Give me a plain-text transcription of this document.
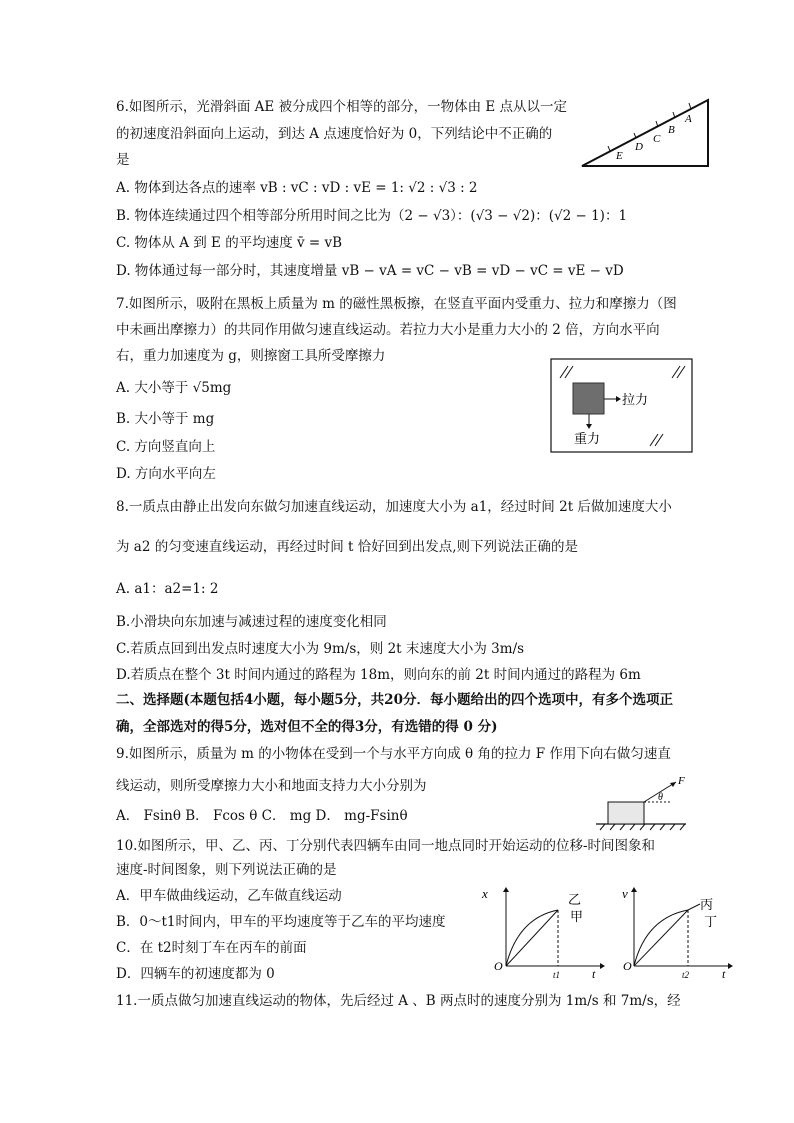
6.如图所示，光滑斜面 AE 被分成四个相等的部分，一物体由 E 点从以一定
的初速度沿斜面向上运动，到达 A 点速度恰好为 0，下列结论中不正确的
是
A. 物体到达各点的速率 vB : vC : vD : vE = 1: √2 : √3 : 2
B. 物体连续通过四个相等部分所用时间之比为（2 − √3）：(√3 − √2)：(√2 − 1)：1
C. 物体从 A 到 E 的平均速度 v̄ = vB
D. 物体通过每一部分时，其速度增量 vB − vA = vC − vB = vD − vC = vE − vD
E
D
C
B
A
7.如图所示，吸附在黑板上质量为 m 的磁性黑板擦，在竖直平面内受重力、拉力和摩擦力（图
中未画出摩擦力）的共同作用做匀速直线运动。若拉力大小是重力大小的 2 倍，方向水平向
右，重力加速度为 g，则擦窗工具所受摩擦力
A. 大小等于 √5mg
B. 大小等于 mg
C. 方向竖直向上
D. 方向水平向左
拉力
重力
8.一质点由静止出发向东做匀加速直线运动，加速度大小为 a1，经过时间 2t 后做加速度大小
为 a2 的匀变速直线运动，再经过时间 t 恰好回到出发点,则下列说法正确的是
A. a1：a2=1: 2
B.小滑块向东加速与减速过程的速度变化相同
C.若质点回到出发点时速度大小为 9m/s，则 2t 末速度大小为 3m/s
D.若质点在整个 3t 时间内通过的路程为 18m，则向东的前 2t 时间内通过的路程为 6m
二、选择题(本题包括4小题，每小题5分，共20分．每小题给出的四个选项中，有多个选项正
确，全部选对的得5分，选对但不全的得3分，有选错的得 0 分)
9.如图所示，质量为 m 的小物体在受到一个与水平方向成 θ 角的拉力 F 作用下向右做匀速直
线运动，则所受摩擦力大小和地面支持力大小分别为
A． Fsinθ B． Fcos θ C． mg D． mg-Fsinθ
F
θ
10.如图所示，甲、乙、丙、丁分别代表四辆车由同一地点同时开始运动的位移-时间图象和
速度-时间图象，则下列说法正确的是
A．甲车做曲线运动，乙车做直线运动
B．0～t1时间内，甲车的平均速度等于乙车的平均速度
C．在 t2时刻丁车在丙车的前面
D．四辆车的初速度都为 0
x
O
t1	t
乙
甲
v
O
t2	t
丙
丁
11.一质点做匀加速直线运动的物体，先后经过 A 、B 两点时的速度分别为 1m/s 和 7m/s，经
